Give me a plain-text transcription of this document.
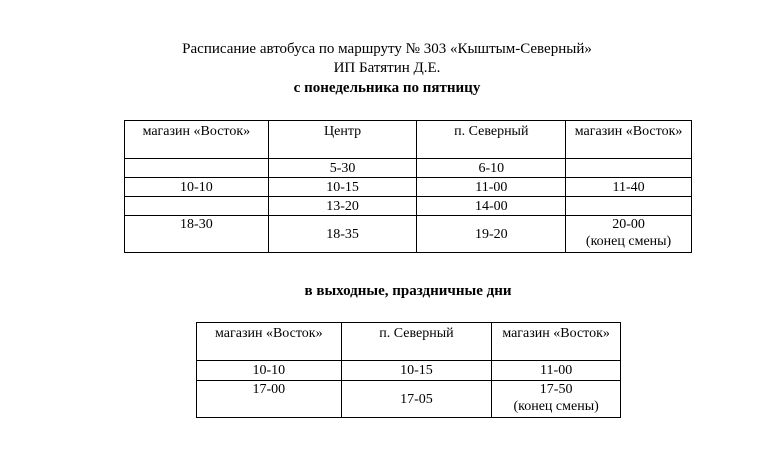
Расписание автобуса по маршруту № 303 «Кыштым-Северный»
ИП Батятин Д.Е.
с понедельника по пятницу
магазин «Восток»	Центр	п. Северный	магазин «Восток»
	5-30	6-10	
10-10	10-15	11-00	11-40
	13-20	14-00	
18-30	18-35	19-20	20-00
(конец смены)
в выходные, праздничные дни
магазин «Восток»	п. Северный	магазин «Восток»
10-10	10-15	11-00
17-00	17-05	17-50
(конец смены)
